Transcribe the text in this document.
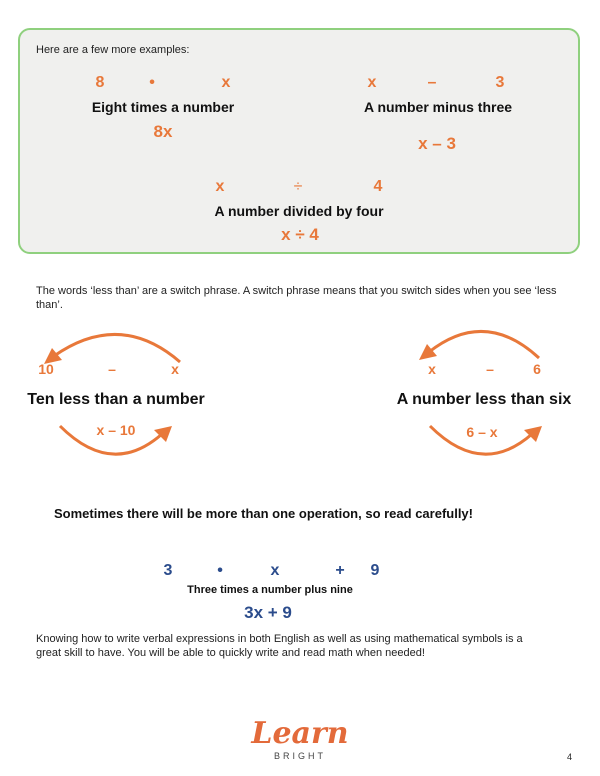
Here are a few more examples:
8	•	x
Eight times a number
8x
x	–	3
A number minus three
x – 3
x	÷	4
A number divided by four
x ÷ 4
The words ‘less than’ are a switch phrase. A switch phrase means that you switch sides when you see ‘less than’.
10	–	x
Ten less than a number
x – 10
x	–	6
A number less than six
6 – x
Sometimes there will be more than one operation, so read carefully!
3	•	x	+ 9
Three times a number plus nine
3x + 9
Knowing how to write verbal expressions in both English as well as using mathematical symbols is a great skill to have. You will be able to quickly write and read math when needed!
Learn
BRIGHT	4
